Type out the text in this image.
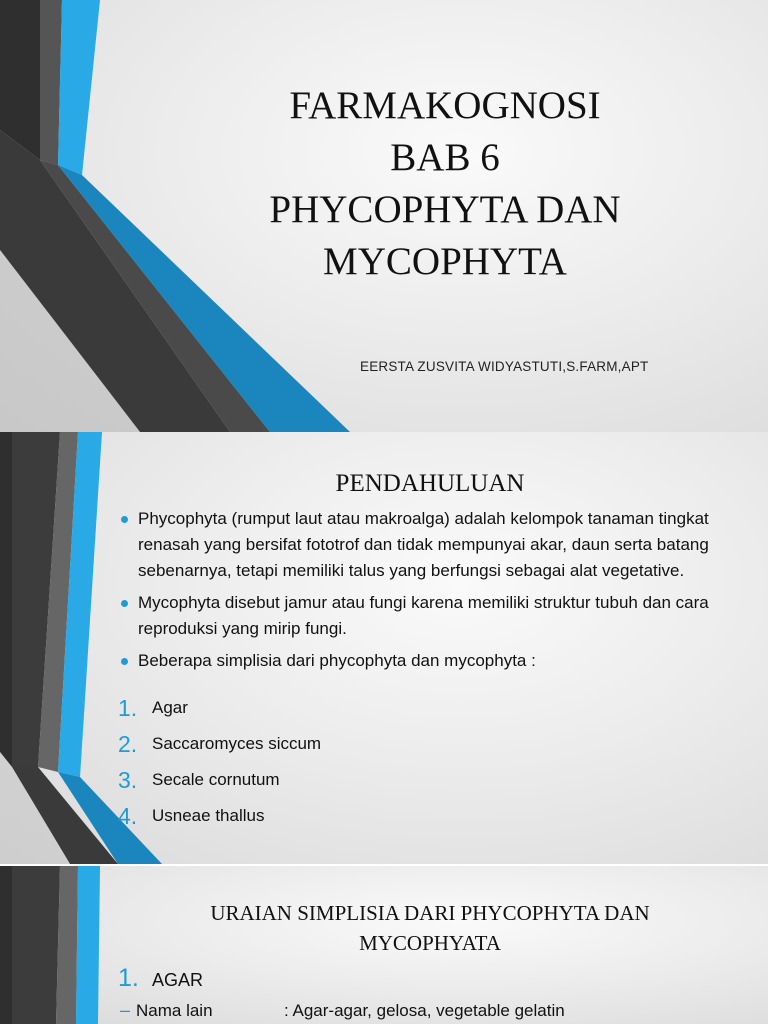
FARMAKOGNOSI
BAB 6
PHYCOPHYTA DAN
MYCOPHYTA
EERSTA ZUSVITA WIDYASTUTI,S.FARM,APT
PENDAHULUAN
Phycophyta (rumput laut atau makroalga) adalah kelompok tanaman tingkat renasah yang bersifat fototrof dan tidak mempunyai akar, daun serta batang sebenarnya, tetapi memiliki talus yang berfungsi sebagai alat vegetative.
Mycophyta disebut jamur atau fungi karena memiliki struktur tubuh dan cara reproduksi yang mirip fungi.
Beberapa simplisia dari phycophyta dan mycophyta :
1. Agar
2. Saccaromyces siccum
3. Secale cornutum
4. Usneae thallus
URAIAN SIMPLISIA DARI PHYCOPHYTA DAN MYCOPHYATA
1. AGAR
– Nama lain	: Agar-agar, gelosa, vegetable gelatin
